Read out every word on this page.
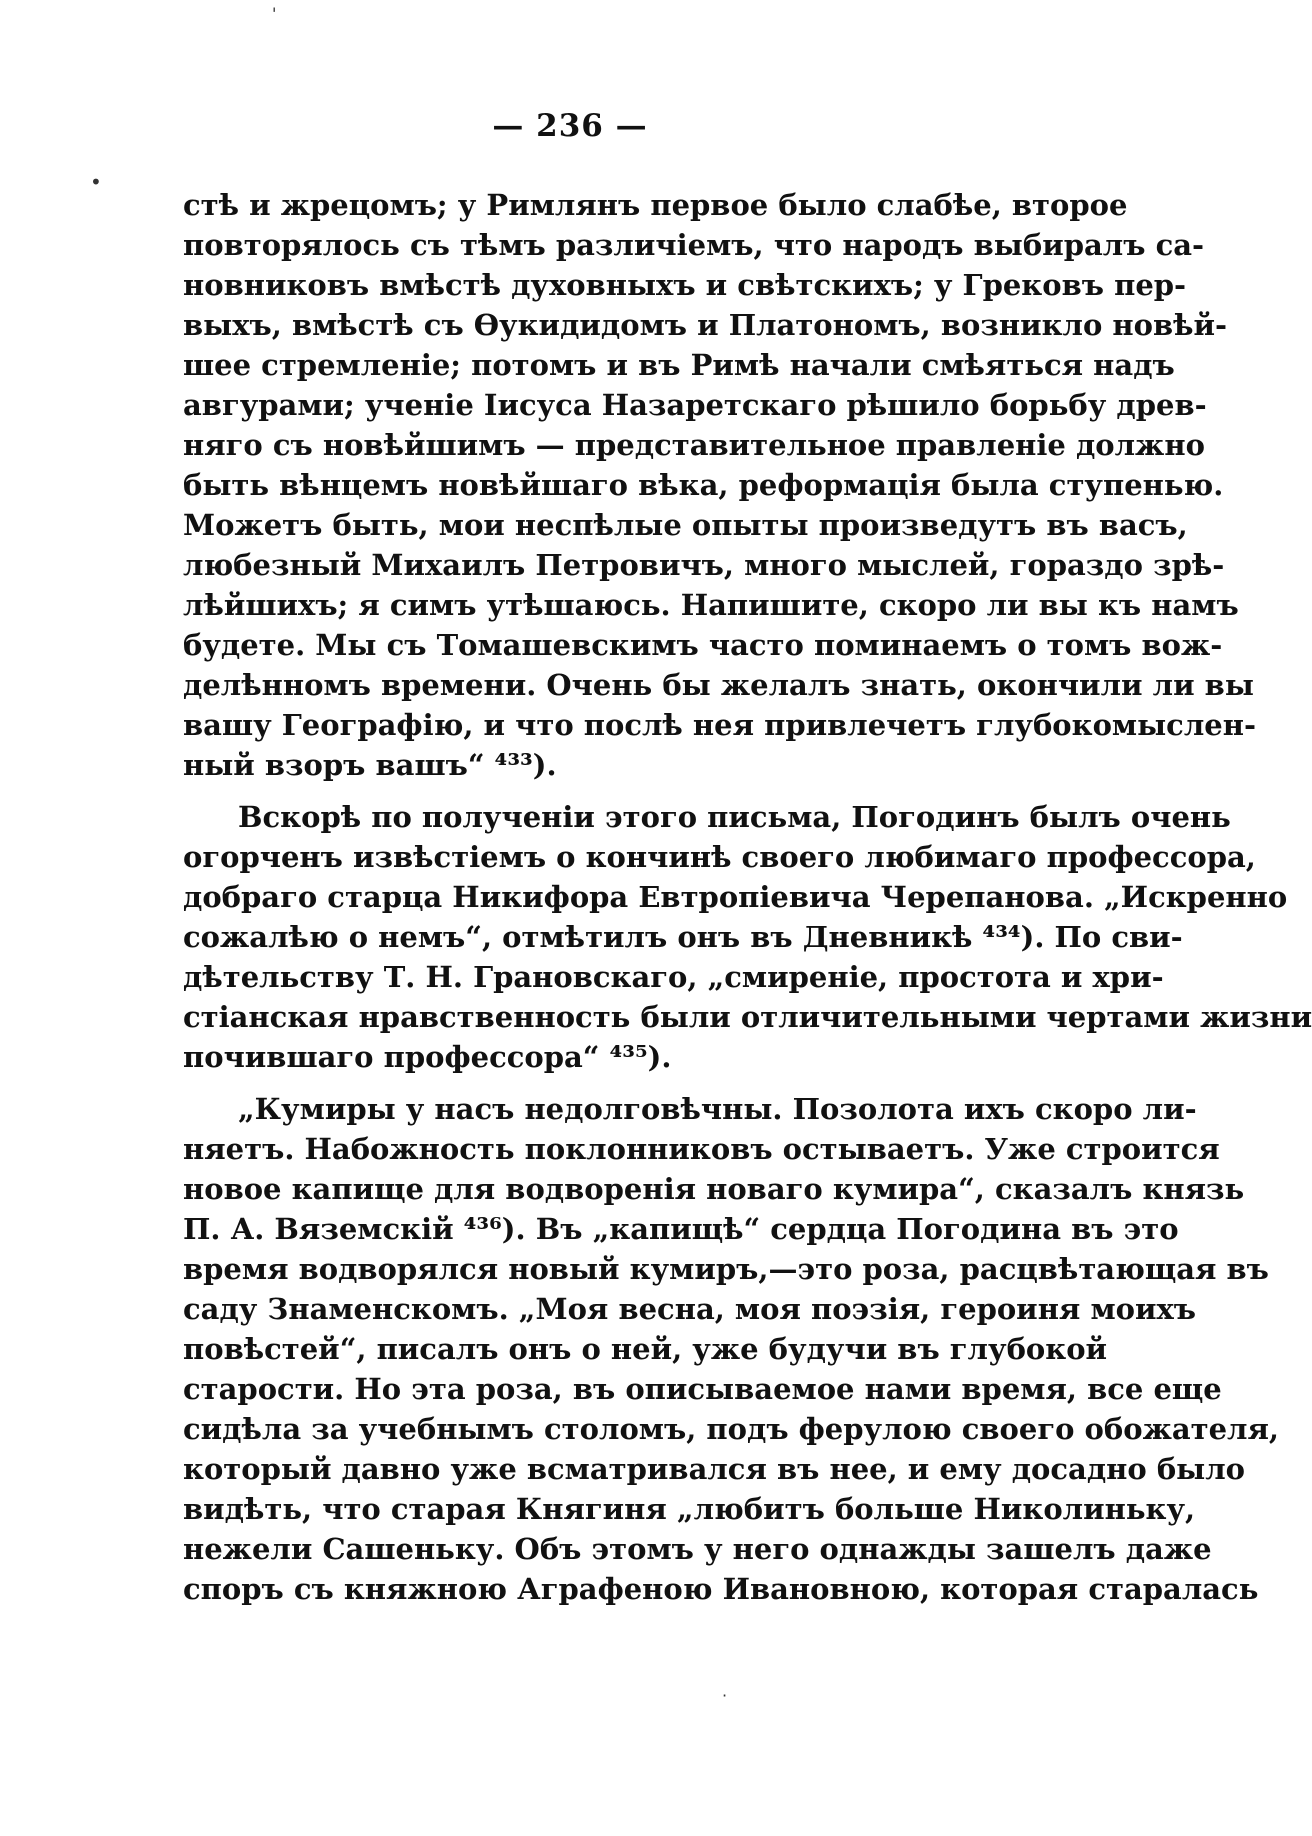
'
•
·
— 236 —
стѣ и жрецомъ; у Римлянъ первое было слабѣе, второе
повторялось съ тѣмъ различіемъ, что народъ выбиралъ са-
новниковъ вмѣстѣ духовныхъ и свѣтскихъ; у Грековъ пер-
выхъ, вмѣстѣ съ Ѳукидидомъ и Платономъ, возникло новѣй-
шее стремленіе; потомъ и въ Римѣ начали смѣяться надъ
авгурами; ученіе Іисуса Назаретскаго рѣшило борьбу древ-
няго съ новѣйшимъ — представительное правленіе должно
быть вѣнцемъ новѣйшаго вѣка, реформація была ступенью.
Можетъ быть, мои неспѣлые опыты произведутъ въ васъ,
любезный Михаилъ Петровичъ, много мыслей, гораздо зрѣ-
лѣйшихъ; я симъ утѣшаюсь. Напишите, скоро ли вы къ намъ
будете. Мы съ Томашевскимъ часто поминаемъ о томъ вож-
делѣнномъ времени. Очень бы желалъ знать, окончили ли вы
вашу Географію, и что послѣ нея привлечетъ глубокомыслен-
ный взоръ вашъ“ ⁴³³).
Вскорѣ по полученіи этого письма, Погодинъ былъ очень
огорченъ извѣстіемъ о кончинѣ своего любимаго профессора,
добраго старца Никифора Евтропіевича Черепанова. „Искренно
сожалѣю о немъ“, отмѣтилъ онъ въ Дневникѣ ⁴³⁴). По сви-
дѣтельству Т. Н. Грановскаго, „смиреніе, простота и хри-
стіанская нравственность были отличительными чертами жизни
почившаго профессора“ ⁴³⁵).
„Кумиры у насъ недолговѣчны. Позолота ихъ скоро ли-
няетъ. Набожность поклонниковъ остываетъ. Уже строится
новое капище для водворенія новаго кумира“, сказалъ князь
П. А. Вяземскій ⁴³⁶). Въ „капищѣ“ сердца Погодина въ это
время водворялся новый кумиръ,—это роза, расцвѣтающая въ
саду Знаменскомъ. „Моя весна, моя поэзія, героиня моихъ
повѣстей“, писалъ онъ о ней, уже будучи въ глубокой
старости. Но эта роза, въ описываемое нами время, все еще
сидѣла за учебнымъ столомъ, подъ ферулою своего обожателя,
который давно уже всматривался въ нее, и ему досадно было
видѣть, что старая Княгиня „любитъ больше Николиньку,
нежели Сашеньку. Объ этомъ у него однажды зашелъ даже
споръ съ княжною Аграфеною Ивановною, которая старалась
